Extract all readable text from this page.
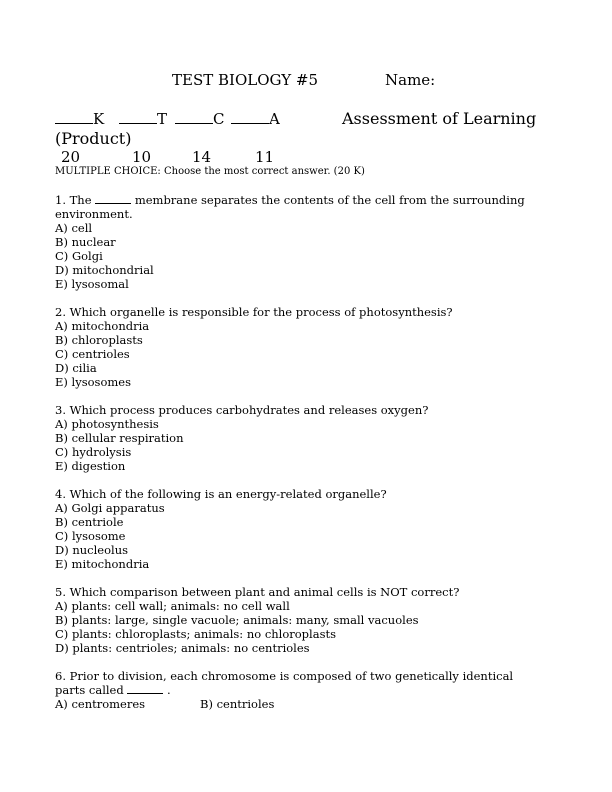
TEST BIOLOGY #5	Name:
K	T	C	A	Assessment of Learning
(Product)
20	10	14	11
MULTIPLE CHOICE: Choose the most correct answer. (20 K)
1. The	membrane separates the contents of the cell from the surrounding environment.
A) cell
B) nuclear
C) Golgi
D) mitochondrial
E) lysosomal
2. Which organelle is responsible for the process of photosynthesis?
A) mitochondria
B) chloroplasts
C) centrioles
D) cilia
E) lysosomes
3. Which process produces carbohydrates and releases oxygen?
A) photosynthesis
B) cellular respiration
C) hydrolysis
E) digestion
4. Which of the following is an energy-related organelle?
A) Golgi apparatus
B) centriole
C) lysosome
D) nucleolus
E) mitochondria
5. Which comparison between plant and animal cells is NOT correct?
A) plants: cell wall; animals: no cell wall
B) plants: large, single vacuole; animals: many, small vacuoles
C) plants: chloroplasts; animals: no chloroplasts
D) plants: centrioles; animals: no centrioles
6. Prior to division, each chromosome is composed of two genetically identical
parts called	.
A) centromeres	B) centrioles
